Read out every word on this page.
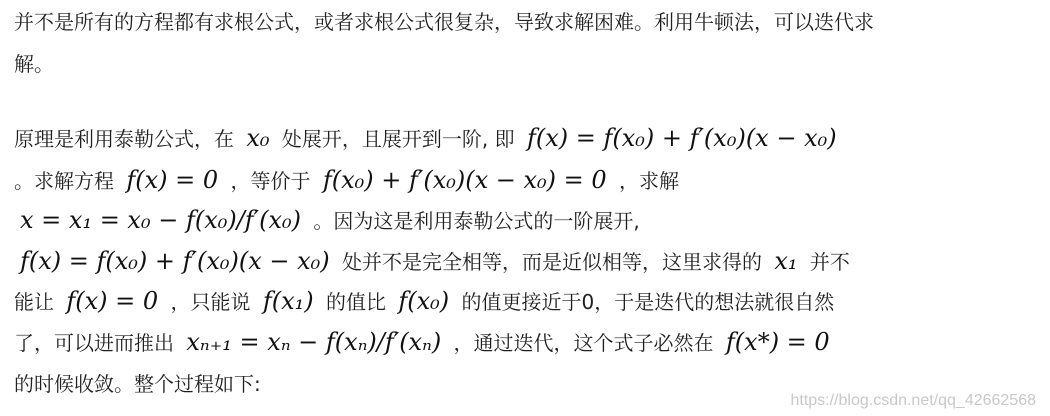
并不是所有的方程都有求根公式，或者求根公式很复杂，导致求解困难。利用牛顿法，可以迭代求
解。
原理是利用泰勒公式，在 x₀ 处展开，且展开到一阶, 即 f(x) = f(x₀) + f′(x₀)(x − x₀)
。求解方程 f(x) = 0 ，等价于 f(x₀) + f′(x₀)(x − x₀) = 0 ，求解
x = x₁ = x₀ − f(x₀)/f′(x₀) 。因为这是利用泰勒公式的一阶展开,
f(x) = f(x₀) + f′(x₀)(x − x₀) 处并不是完全相等，而是近似相等，这里求得的 x₁ 并不
能让 f(x) = 0 ，只能说 f(x₁) 的值比 f(x₀) 的值更接近于0，于是迭代的想法就很自然
了，可以进而推出 xₙ₊₁ = xₙ − f(xₙ)/f′(xₙ) ，通过迭代，这个式子必然在 f(x*) = 0
的时候收敛。整个过程如下:
https://blog.csdn.net/qq_42662568
